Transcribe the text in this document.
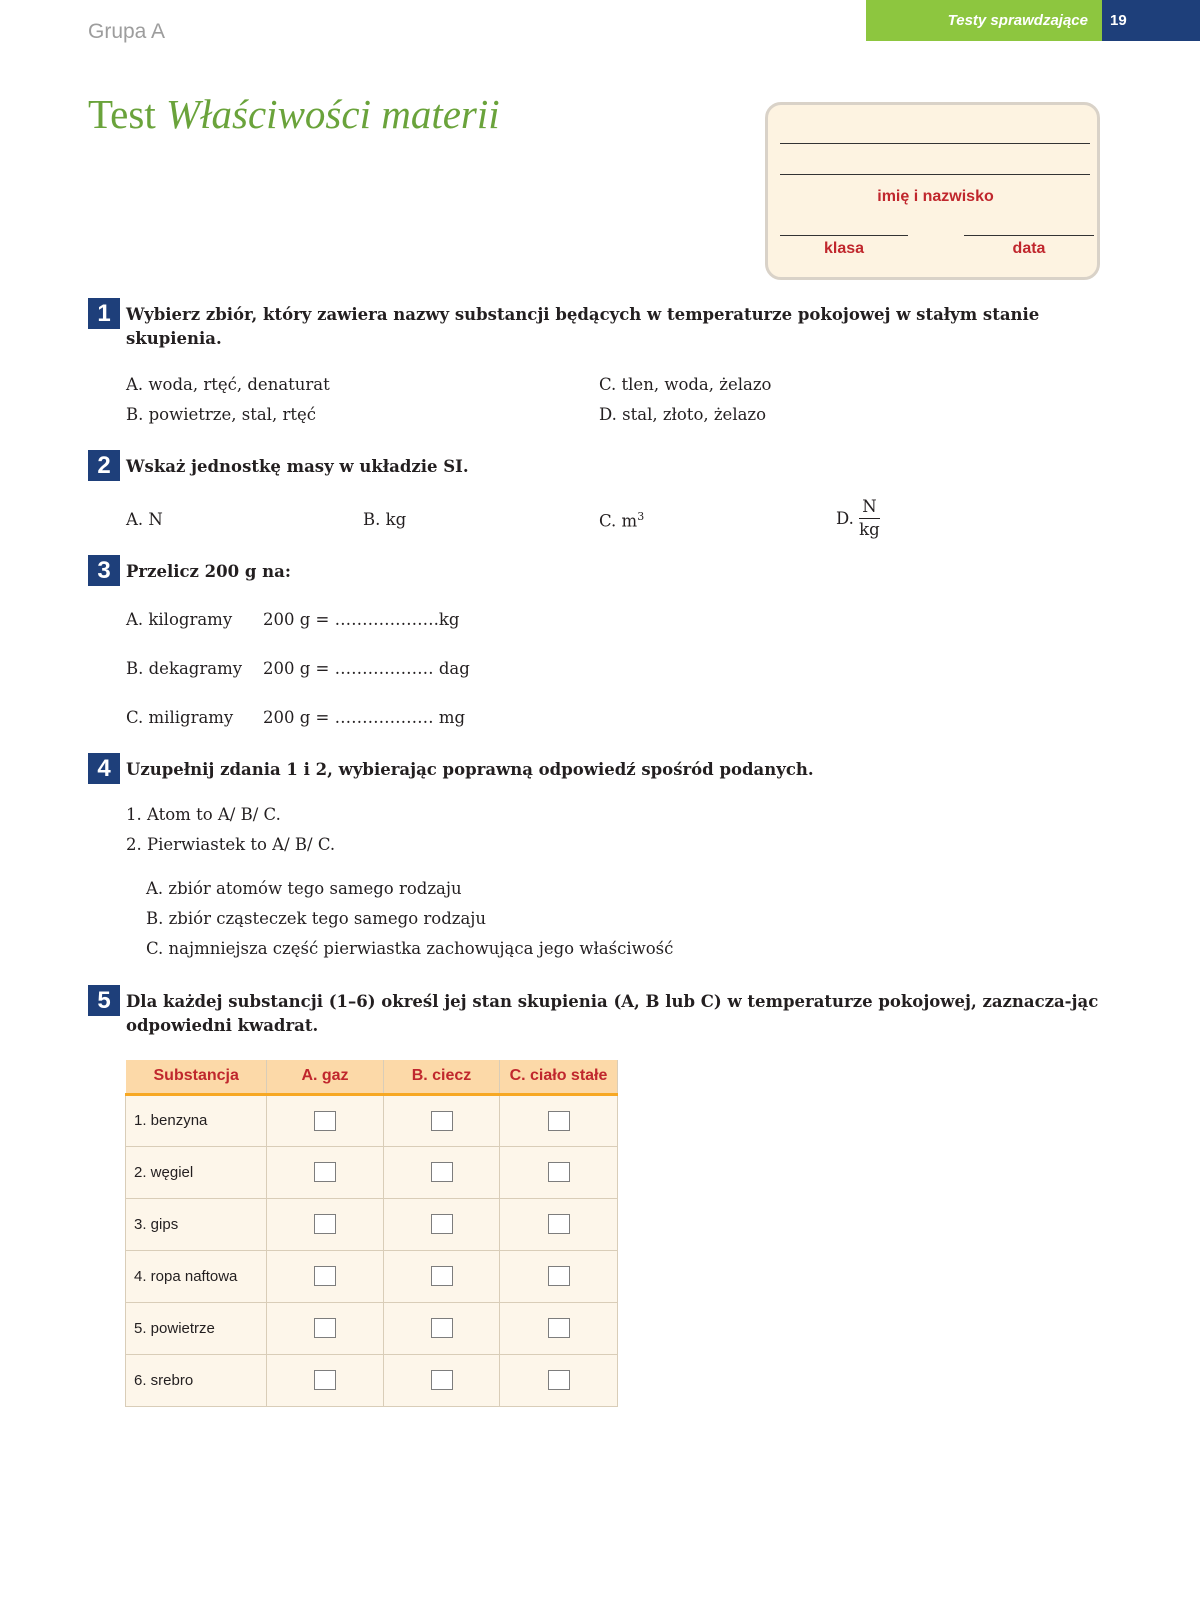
Grupa A	Testy sprawdzające	19
Test Właściwości materii
imię i nazwisko
klasa	data
1 Wybierz zbiór, który zawiera nazwy substancji będących w temperaturze pokojowej w stałym stanie skupienia.
A. woda, rtęć, denaturat
B. powietrze, stal, rtęć
C. tlen, woda, żelazo
D. stal, złoto, żelazo
2 Wskaż jednostkę masy w układzie SI.
A. N	B. kg	C. $m^3$	D. $\frac{N}{kg}$
3 Przelicz 200 g na:
A. kilogramy 200 g = ……………….kg
B. dekagramy 200 g = ……………… dag
C. miligramy 200 g = ……………… mg
4 Uzupełnij zdania 1 i 2, wybierając poprawną odpowiedź spośród podanych.
1. Atom to A/ B/ C.
2. Pierwiastek to A/ B/ C.
A. zbiór atomów tego samego rodzaju
B. zbiór cząsteczek tego samego rodzaju
C. najmniejsza część pierwiastka zachowująca jego właściwość
5 Dla każdej substancji (1–6) określ jej stan skupienia (A, B lub C) w temperaturze pokojowej, zaznacza-jąc odpowiedni kwadrat.
Substancja	A. gaz	B. ciecz	C. ciało stałe
1. benzyna			
2. węgiel			
3. gips			
4. ropa naftowa			
5. powietrze			
6. srebro			
